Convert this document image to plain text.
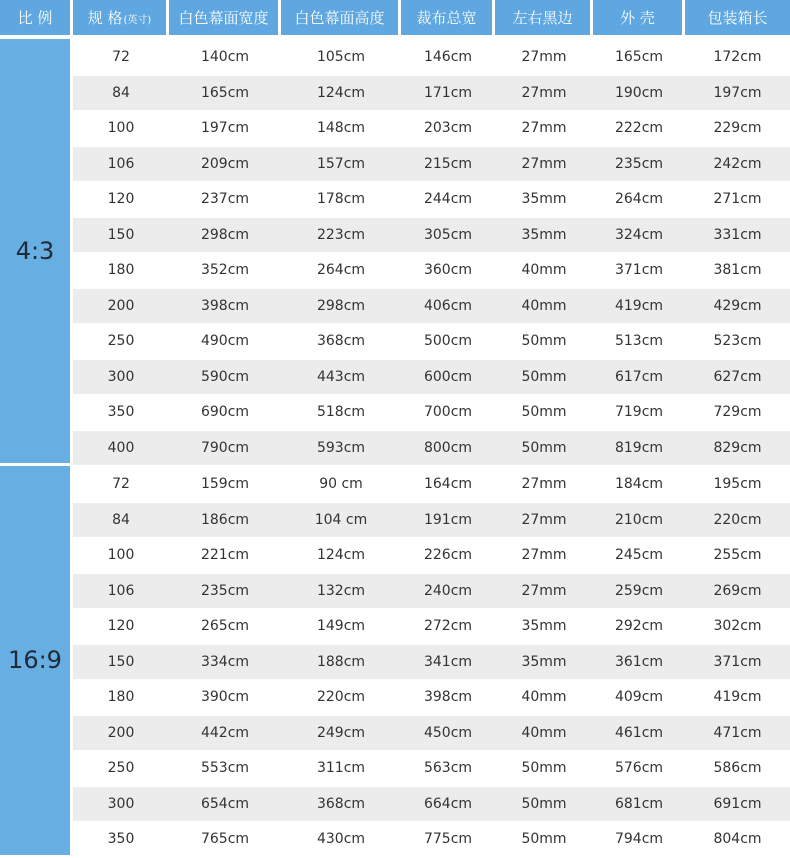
比 例	规 格(英寸)	白色幕面宽度	白色幕面高度	裁布总宽	左右黑边	外 壳	包装箱长
4:3	72	140cm	105cm	146cm	27mm	165cm	172cm
	84	165cm	124cm	171cm	27mm	190cm	197cm
	100	197cm	148cm	203cm	27mm	222cm	229cm
	106	209cm	157cm	215cm	27mm	235cm	242cm
	120	237cm	178cm	244cm	35mm	264cm	271cm
	150	298cm	223cm	305cm	35mm	324cm	331cm
	180	352cm	264cm	360cm	40mm	371cm	381cm
	200	398cm	298cm	406cm	40mm	419cm	429cm
	250	490cm	368cm	500cm	50mm	513cm	523cm
	300	590cm	443cm	600cm	50mm	617cm	627cm
	350	690cm	518cm	700cm	50mm	719cm	729cm
	400	790cm	593cm	800cm	50mm	819cm	829cm
16:9	72	159cm	90 cm	164cm	27mm	184cm	195cm
	84	186cm	104 cm	191cm	27mm	210cm	220cm
	100	221cm	124cm	226cm	27mm	245cm	255cm
	106	235cm	132cm	240cm	27mm	259cm	269cm
	120	265cm	149cm	272cm	35mm	292cm	302cm
	150	334cm	188cm	341cm	35mm	361cm	371cm
	180	390cm	220cm	398cm	40mm	409cm	419cm
	200	442cm	249cm	450cm	40mm	461cm	471cm
	250	553cm	311cm	563cm	50mm	576cm	586cm
	300	654cm	368cm	664cm	50mm	681cm	691cm
	350	765cm	430cm	775cm	50mm	794cm	804cm
